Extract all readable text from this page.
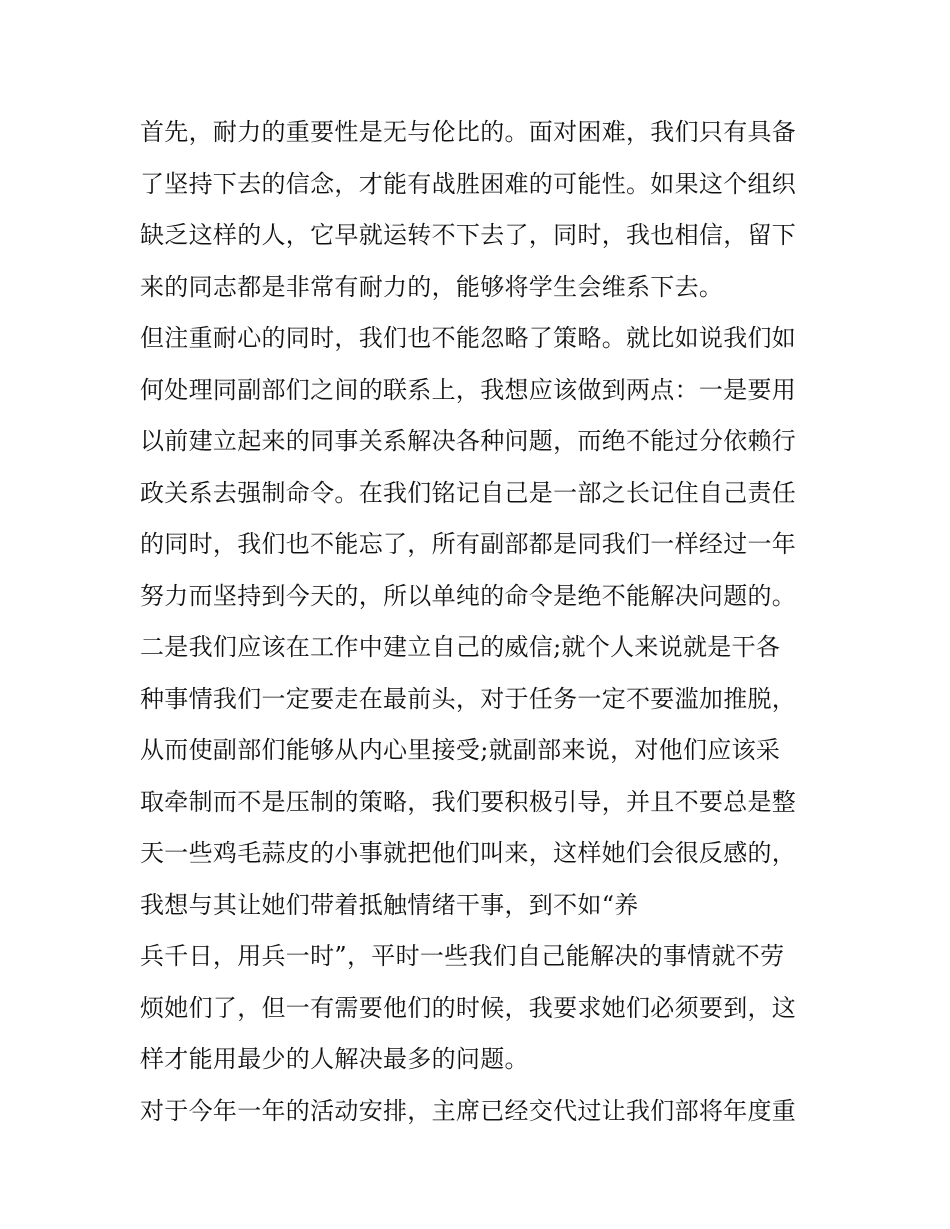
首先，耐力的重要性是无与伦比的。面对困难，我们只有具备
了坚持下去的信念，才能有战胜困难的可能性。如果这个组织
缺乏这样的人，它早就运转不下去了，同时，我也相信，留下
来的同志都是非常有耐力的，能够将学生会维系下去。
但注重耐心的同时，我们也不能忽略了策略。就比如说我们如
何处理同副部们之间的联系上，我想应该做到两点：一是要用
以前建立起来的同事关系解决各种问题，而绝不能过分依赖行
政关系去强制命令。在我们铭记自己是一部之长记住自己责任
的同时，我们也不能忘了，所有副部都是同我们一样经过一年
努力而坚持到今天的，所以单纯的命令是绝不能解决问题的。
二是我们应该在工作中建立自己的威信;就个人来说就是干各
种事情我们一定要走在最前头，对于任务一定不要滥加推脱，
从而使副部们能够从内心里接受;就副部来说，对他们应该采
取牵制而不是压制的策略，我们要积极引导，并且不要总是整
天一些鸡毛蒜皮的小事就把他们叫来，这样她们会很反感的，
我想与其让她们带着抵触情绪干事，到不如“养
兵千日，用兵一时”，平时一些我们自己能解决的事情就不劳
烦她们了，但一有需要他们的时候，我要求她们必须要到，这
样才能用最少的人解决最多的问题。
对于今年一年的活动安排，主席已经交代过让我们部将年度重
